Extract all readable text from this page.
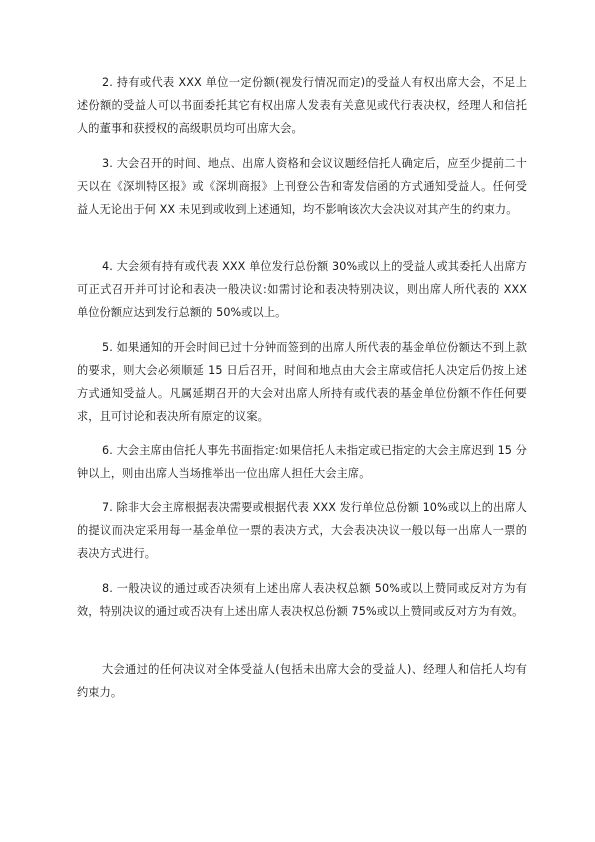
2. 持有或代表 XXX 单位一定份额(视发行情况而定)的受益人有权出席大会，不足上述份额的受益人可以书面委托其它有权出席人发表有关意见或代行表决权，经理人和信托人的董事和获授权的高级职员均可出席大会。

3. 大会召开的时间、地点、出席人资格和会议议题经信托人确定后，应至少提前二十天以在《深圳特区报》或《深圳商报》上刊登公告和寄发信函的方式通知受益人。任何受益人无论出于何 XX 未见到或收到上述通知，均不影响该次大会决议对其产生的约束力。

4. 大会须有持有或代表 XXX 单位发行总份额 30%或以上的受益人或其委托人出席方可正式召开并可讨论和表决一般决议:如需讨论和表决特别决议，则出席人所代表的 XXX 单位份额应达到发行总额的 50%或以上。

5. 如果通知的开会时间已过十分钟而签到的出席人所代表的基金单位份额达不到上款的要求，则大会必须顺延 15 日后召开，时间和地点由大会主席或信托人决定后仍按上述方式通知受益人。凡属延期召开的大会对出席人所持有或代表的基金单位份额不作任何要求，且可讨论和表决所有原定的议案。

6. 大会主席由信托人事先书面指定:如果信托人未指定或已指定的大会主席迟到 15 分钟以上，则由出席人当场推举出一位出席人担任大会主席。

7. 除非大会主席根据表决需要或根据代表 XXX 发行单位总份额 10%或以上的出席人的提议而决定采用每一基金单位一票的表决方式，大会表决决议一般以每一出席人一票的表决方式进行。

8. 一般决议的通过或否决须有上述出席人表决权总额 50%或以上赞同或反对方为有效，特别决议的通过或否决有上述出席人表决权总份额 75%或以上赞同或反对方为有效。

大会通过的任何决议对全体受益人(包括未出席大会的受益人)、经理人和信托人均有约束力。
